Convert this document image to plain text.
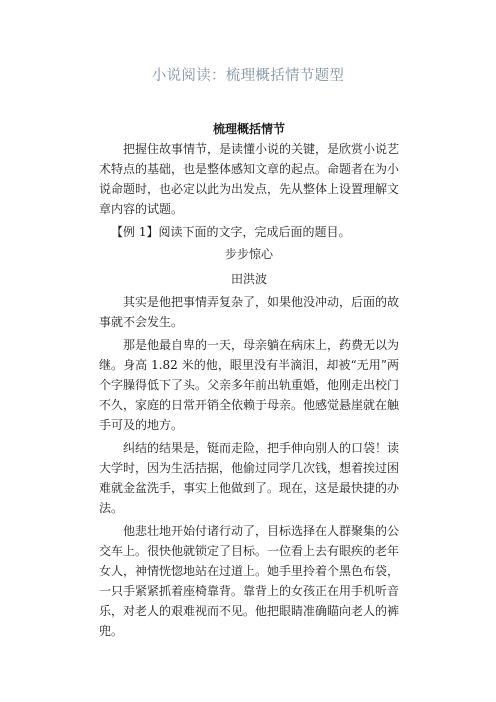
小说阅读：梳理概括情节题型
梳理概括情节

把握住故事情节，是读懂小说的关键，是欣赏小说艺术特点的基础，也是整体感知文章的起点。命题者在为小说命题时，也必定以此为出发点，先从整体上设置理解文章内容的试题。

【例 1】阅读下面的文字，完成后面的题目。

步步惊心

田洪波

其实是他把事情弄复杂了，如果他没冲动，后面的故事就不会发生。

那是他最自卑的一天，母亲躺在病床上，药费无以为继。身高 1.82 米的他，眼里没有半滴泪，却被“无用”两个字臊得低下了头。父亲多年前出轨重婚，他刚走出校门不久，家庭的日常开销全依赖于母亲。他感觉悬崖就在触手可及的地方。

纠结的结果是，铤而走险，把手伸向别人的口袋！读大学时，因为生活拮据，他偷过同学几次钱，想着挨过困难就金盆洗手，事实上他做到了。现在，这是最快捷的办法。

他悲壮地开始付诸行动了，目标选择在人群聚集的公交车上。很快他就锁定了目标。一位看上去有眼疾的老年女人，神情恍惚地站在过道上。她手里拎着个黑色布袋，一只手紧紧抓着座椅靠背。靠背上的女孩正在用手机听音乐，对老人的艰难视而不见。他把眼睛准确瞄向老人的裤兜。
